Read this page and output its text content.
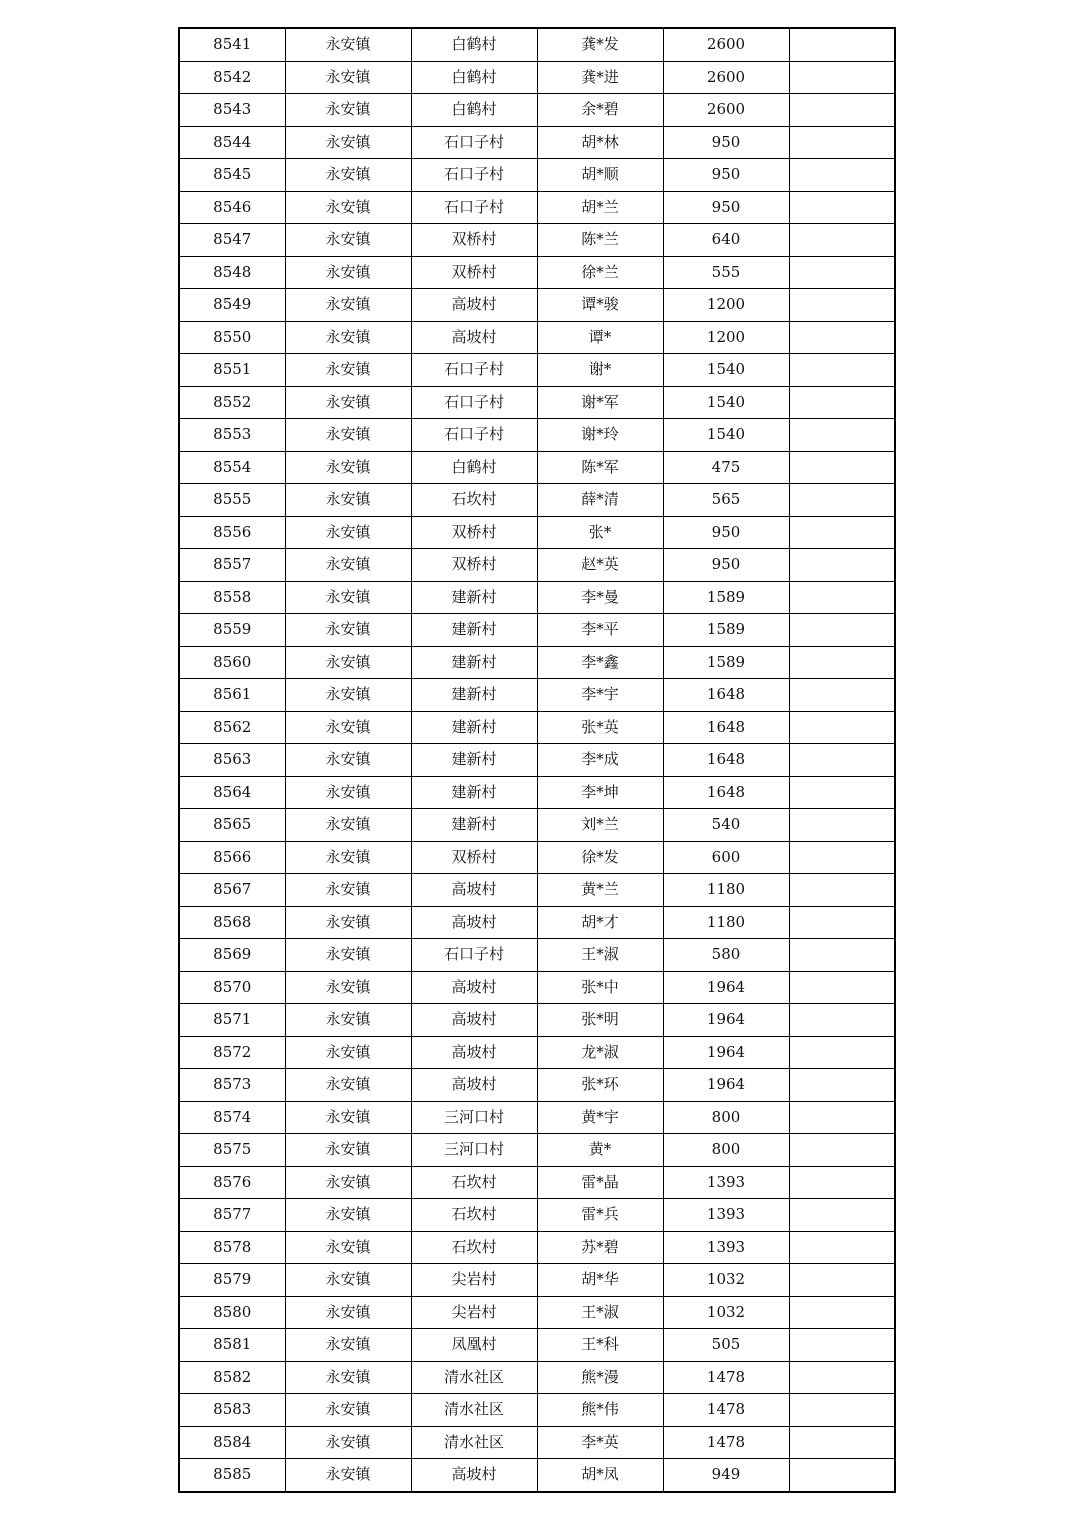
8541	永安镇	白鹤村	龚*发	2600	
8542	永安镇	白鹤村	龚*进	2600	
8543	永安镇	白鹤村	余*碧	2600	
8544	永安镇	石口子村	胡*林	950	
8545	永安镇	石口子村	胡*顺	950	
8546	永安镇	石口子村	胡*兰	950	
8547	永安镇	双桥村	陈*兰	640	
8548	永安镇	双桥村	徐*兰	555	
8549	永安镇	高坡村	谭*骏	1200	
8550	永安镇	高坡村	谭*	1200	
8551	永安镇	石口子村	谢*	1540	
8552	永安镇	石口子村	谢*军	1540	
8553	永安镇	石口子村	谢*玲	1540	
8554	永安镇	白鹤村	陈*军	475	
8555	永安镇	石坎村	薛*清	565	
8556	永安镇	双桥村	张*	950	
8557	永安镇	双桥村	赵*英	950	
8558	永安镇	建新村	李*曼	1589	
8559	永安镇	建新村	李*平	1589	
8560	永安镇	建新村	李*鑫	1589	
8561	永安镇	建新村	李*宇	1648	
8562	永安镇	建新村	张*英	1648	
8563	永安镇	建新村	李*成	1648	
8564	永安镇	建新村	李*坤	1648	
8565	永安镇	建新村	刘*兰	540	
8566	永安镇	双桥村	徐*发	600	
8567	永安镇	高坡村	黄*兰	1180	
8568	永安镇	高坡村	胡*才	1180	
8569	永安镇	石口子村	王*淑	580	
8570	永安镇	高坡村	张*中	1964	
8571	永安镇	高坡村	张*明	1964	
8572	永安镇	高坡村	龙*淑	1964	
8573	永安镇	高坡村	张*环	1964	
8574	永安镇	三河口村	黄*宇	800	
8575	永安镇	三河口村	黄*	800	
8576	永安镇	石坎村	雷*晶	1393	
8577	永安镇	石坎村	雷*兵	1393	
8578	永安镇	石坎村	苏*碧	1393	
8579	永安镇	尖岩村	胡*华	1032	
8580	永安镇	尖岩村	王*淑	1032	
8581	永安镇	凤凰村	王*科	505	
8582	永安镇	清水社区	熊*漫	1478	
8583	永安镇	清水社区	熊*伟	1478	
8584	永安镇	清水社区	李*英	1478	
8585	永安镇	高坡村	胡*凤	949	
